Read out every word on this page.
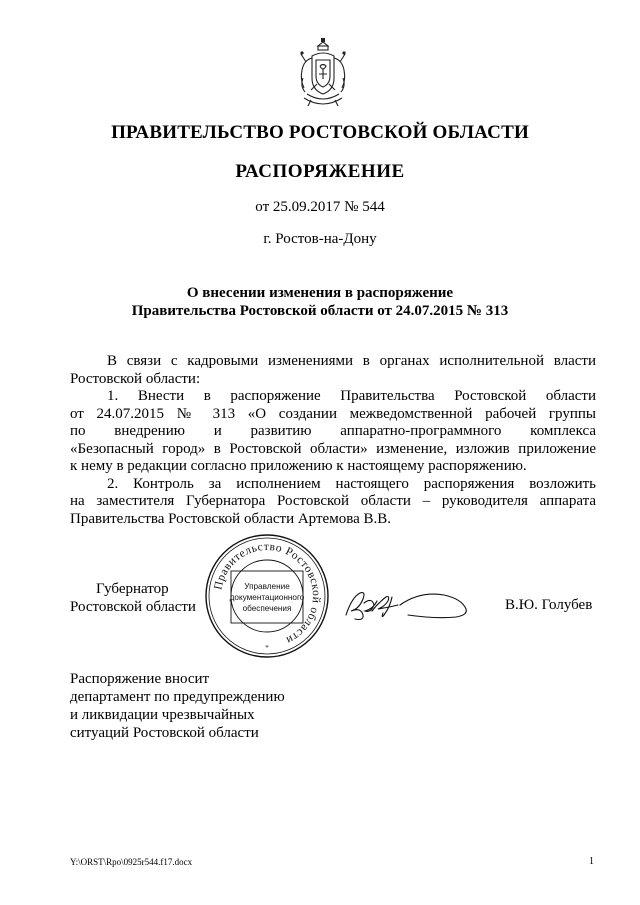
ПРАВИТЕЛЬСТВО РОСТОВСКОЙ ОБЛАСТИ
РАСПОРЯЖЕНИЕ
от 25.09.2017 № 544
г. Ростов-на-Дону
О внесении изменения в распоряжение
Правительства Ростовской области от 24.07.2015 № 313

В связи с кадровыми изменениями в органах исполнительной власти

Ростовской области:

1. Внести в распоряжение Правительства Ростовской области

от 24.07.2015 № 313 «О создании межведомственной рабочей группы

по внедрению и развитию аппаратно-программного комплекса

«Безопасный город» в Ростовской области» изменение, изложив приложение

к нему в редакции согласно приложению к настоящему распоряжению.

2. Контроль за исполнением настоящего распоряжения возложить

на заместителя Губернатора Ростовской области – руководителя аппарата

Правительства Ростовской области Артемова В.В.

Губернатор
Ростовской области
Правительство Ростовской области
*
Управление
документационного
обеспечения	В.Ю. Голубев
Распоряжение вносит
департамент по предупреждению
и ликвидации чрезвычайных
ситуаций Ростовской области
Y:\ORST\Rpo\0925r544.f17.docx	1
